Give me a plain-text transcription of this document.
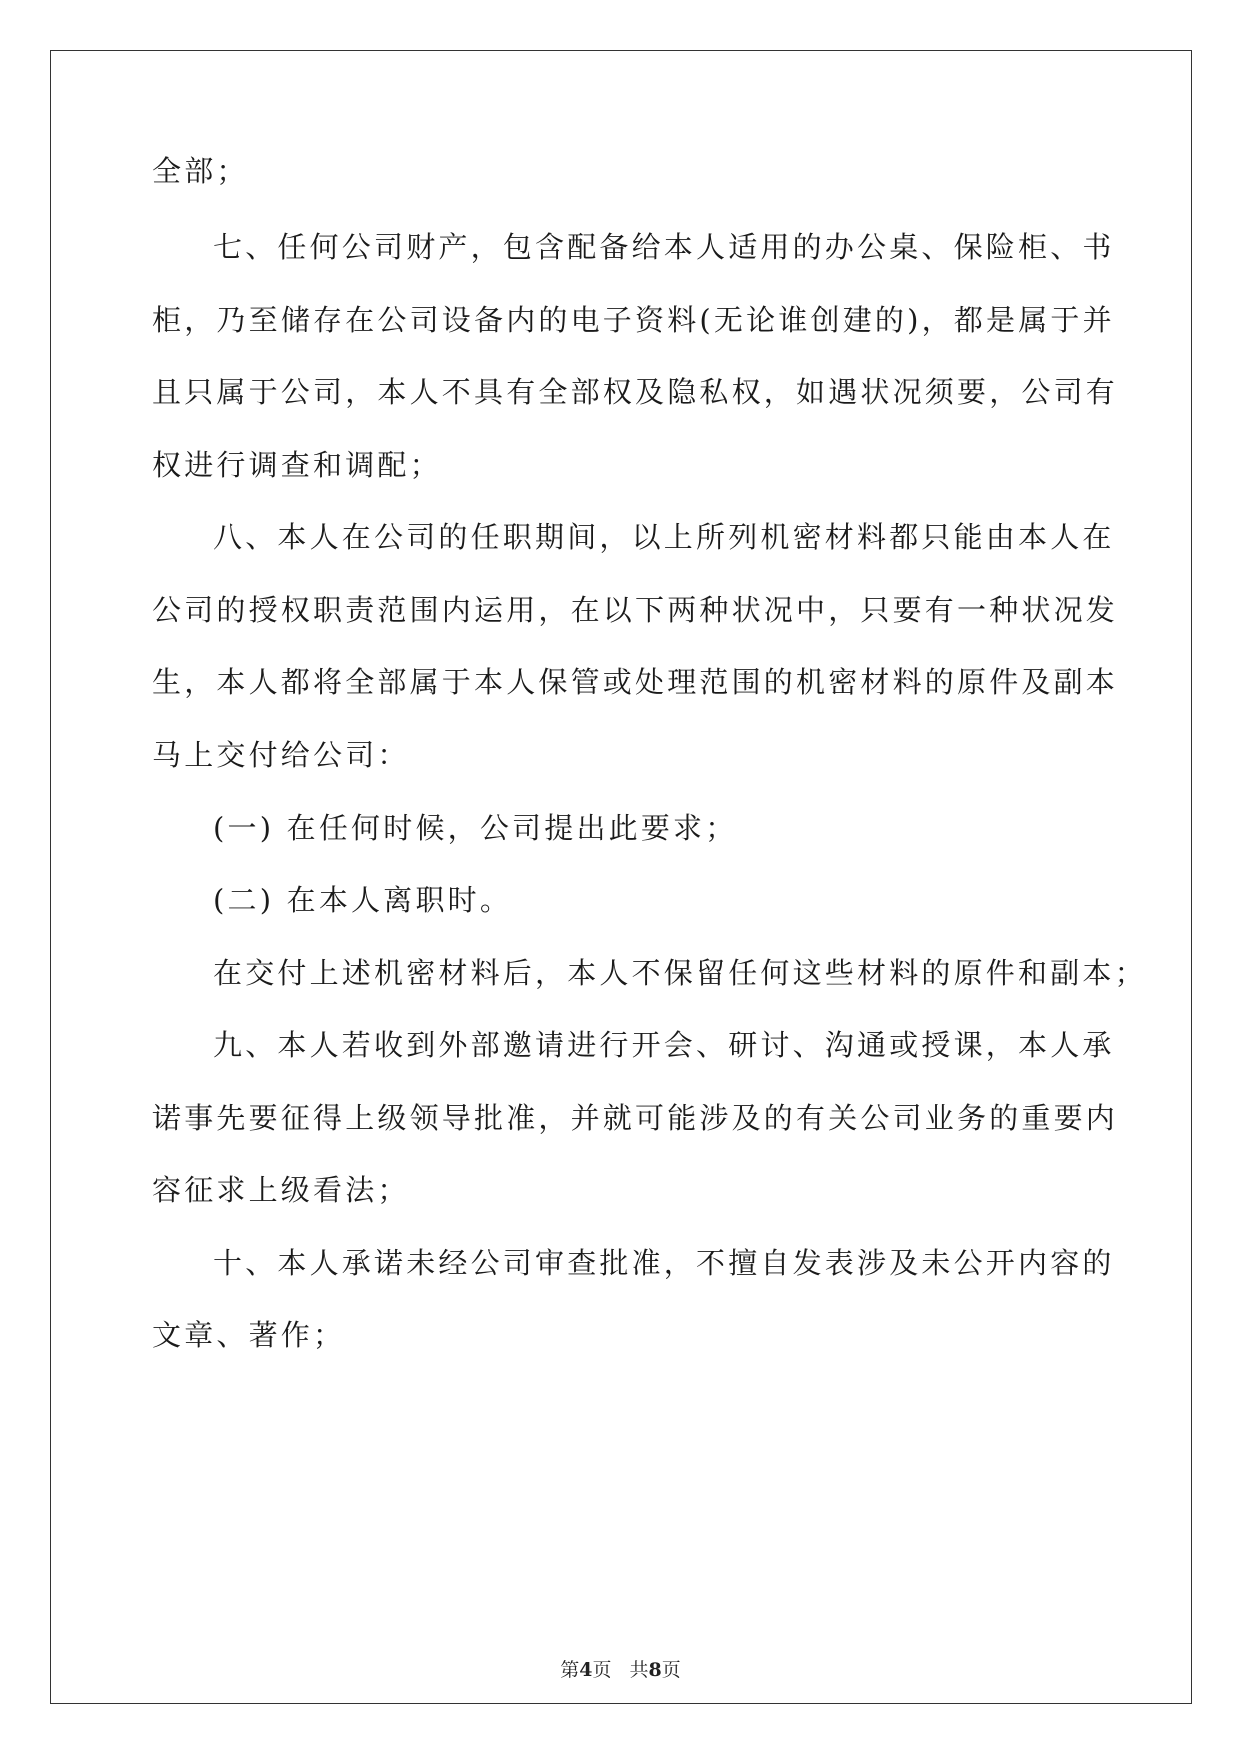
全部；
七、任何公司财产，包含配备给本人适用的办公桌、保险柜、书
柜，乃至储存在公司设备内的电子资料(无论谁创建的)，都是属于并
且只属于公司，本人不具有全部权及隐私权，如遇状况须要，公司有
权进行调查和调配；
八、本人在公司的任职期间，以上所列机密材料都只能由本人在
公司的授权职责范围内运用，在以下两种状况中，只要有一种状况发
生，本人都将全部属于本人保管或处理范围的机密材料的原件及副本
马上交付给公司：
(一) 在任何时候，公司提出此要求；
(二) 在本人离职时。
在交付上述机密材料后，本人不保留任何这些材料的原件和副本；
九、本人若收到外部邀请进行开会、研讨、沟通或授课，本人承
诺事先要征得上级领导批准，并就可能涉及的有关公司业务的重要内
容征求上级看法；
十、本人承诺未经公司审查批准，不擅自发表涉及未公开内容的
文章、著作；
第4页 共8页
